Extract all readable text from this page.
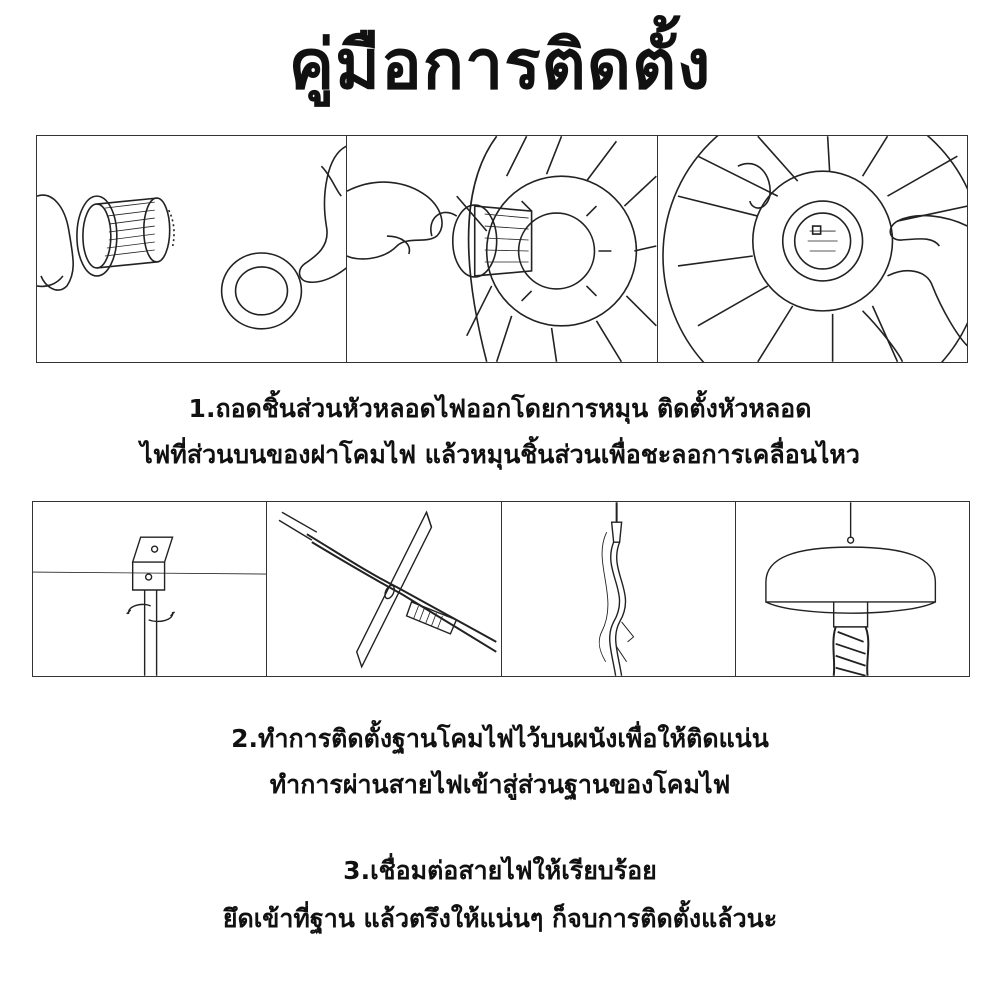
คู่มือการติดตั้ง
1.ถอดชิ้นส่วนหัวหลอดไฟออกโดยการหมุน ติดตั้งหัวหลอด
ไฟที่ส่วนบนของฝาโคมไฟ แล้วหมุนชิ้นส่วนเพื่อชะลอการเคลื่อนไหว
2.ทำการติดตั้งฐานโคมไฟไว้บนผนังเพื่อให้ติดแน่น
ทำการผ่านสายไฟเข้าสู่ส่วนฐานของโคมไฟ
3.เชื่อมต่อสายไฟให้เรียบร้อย
ยึดเข้าที่ฐาน แล้วตรึงให้แน่นๆ ก็จบการติดตั้งแล้วนะ
